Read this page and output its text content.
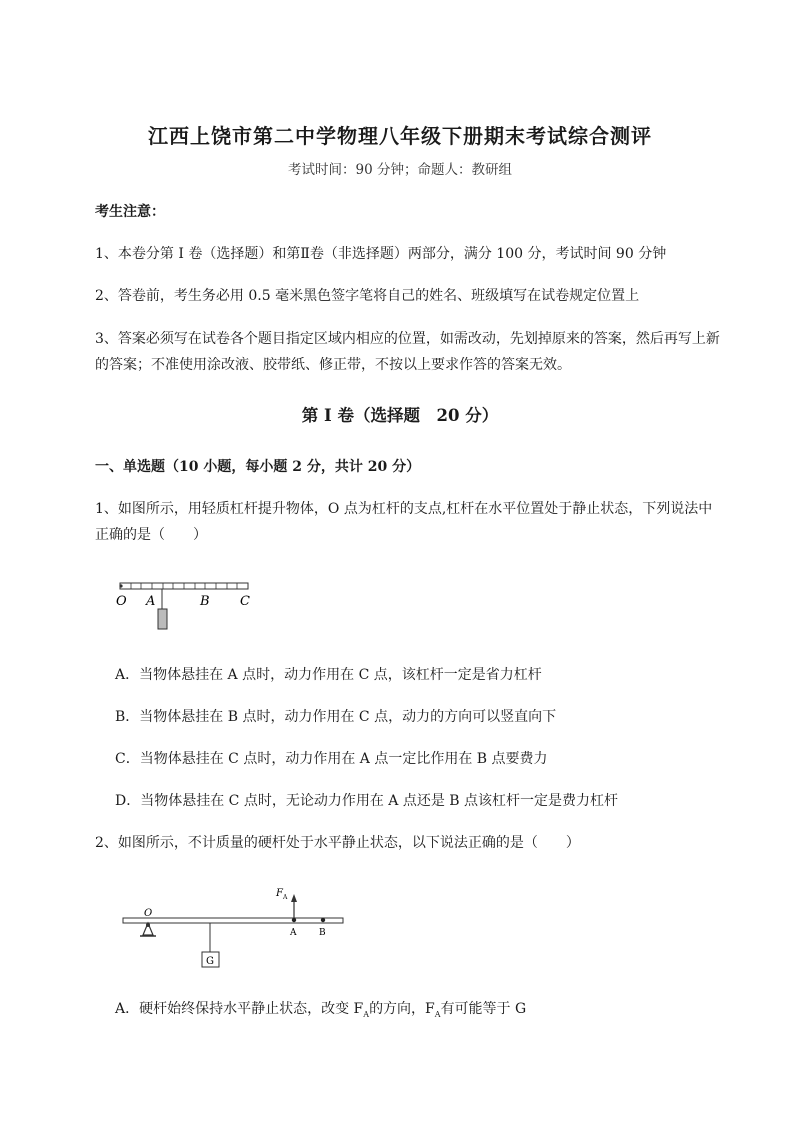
江西上饶市第二中学物理八年级下册期末考试综合测评
考试时间：90 分钟；命题人：教研组
考生注意：
1、本卷分第 I 卷（选择题）和第Ⅱ卷（非选择题）两部分，满分 100 分，考试时间 90 分钟
2、答卷前，考生务必用 0.5 毫米黑色签字笔将自己的姓名、班级填写在试卷规定位置上
3、答案必须写在试卷各个题目指定区域内相应的位置，如需改动，先划掉原来的答案，然后再写上新的答案；不准使用涂改液、胶带纸、修正带，不按以上要求作答的答案无效。
第 I 卷（选择题　20 分）
一、单选题（10 小题，每小题 2 分，共计 20 分）
1、如图所示，用轻质杠杆提升物体，O 点为杠杆的支点,杠杆在水平位置处于静止状态，下列说法中正确的是（　　）
O A	B C
A．当物体悬挂在 A 点时，动力作用在 C 点，该杠杆一定是省力杠杆
B．当物体悬挂在 B 点时，动力作用在 C 点，动力的方向可以竖直向下
C．当物体悬挂在 C 点时，动力作用在 A 点一定比作用在 B 点要费力
D．当物体悬挂在 C 点时，无论动力作用在 A 点还是 B 点该杠杆一定是费力杠杆
2、如图所示，不计质量的硬杆处于水平静止状态，以下说法正确的是（　　）
G
F A
O
A	B
A．硬杆始终保持水平静止状态，改变 $F_A$的方向，$F_A$有可能等于 G
